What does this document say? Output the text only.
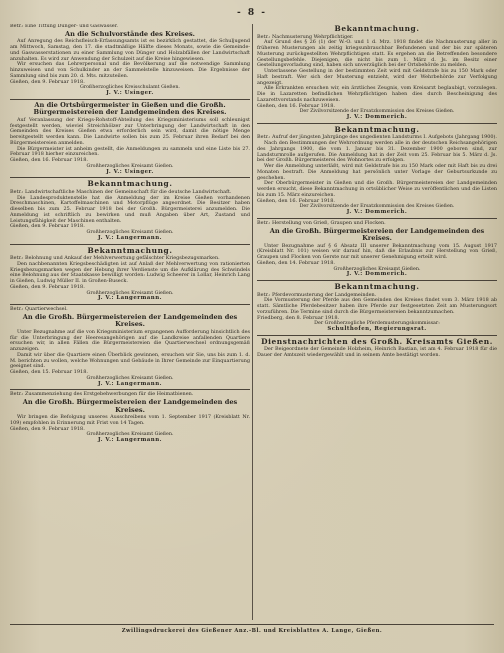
- 8 -

Betr.: Eine Tittung Dünger- und Gaswasser.

An die Schulvorstände des Kreises.

Auf Anregung des Reichsfleisch-Erfassungsamts ist es bezirklich gestattet, die Schuljugend am Mittwoch, Samstag, den 17. die stadtmäßige Hälfte dieses Monats, sowie die Gemeinde- und Gaswasserstationen zu einer Sammlung von Dünger und Holzabfällen der Landwirtschaft anzuhalten. Es wird zur Anwendung der Schulzeit auf die Kreise hingewiesen.

Wir ersuchen das Lehrerpersonal und die Bevölkerung auf die notwendige Sammlung hinzuweisen und von Schulkinder an der Sammelstelle hinzuweisen. Die Ergebnisse der Sammlung sind bis zum 20. d. Mts. mitzuteilen.

Gießen, den 9. Februar 1918.

Großherzogliches Kreisschulamt Gießen.
J. V.: Usinger.
An die Ortsbürgermeister in Gießen und die Großh. Bürgermeistereien der Landgemeinden des Kreises.

Auf Veranlassung der Kriegs-Rohstoff-Abteilung des Kriegsministeriums soll schleunigst festgestellt werden, wieviel Streichhölzer zur Unterbringung der Landwirtschaft in den Gemeinden des Kreises Gießen etwa erforderlich sein wird, damit die nötige Menge bereitgestellt werden kann. Die Landwirte sollen bis zum 25. Februar ihren Bedarf bei den Bürgermeistereien anmelden.

Die Bürgermeister ist anheim gestellt, die Anmeldungen zu sammeln und eine Liste bis 27. Februar 1918 hierher einzureichen.

Gießen, den 16. Februar 1918.

Großherzogliches Kreisamt Gießen.
J. V.: Usinger.
Bekanntmachung.

Betr.: Landwirtschaftliche Maschinen der Gemeinschaft für die deutsche Landwirtschaft.

Die Landesproduktenstelle hat die Anmeldung der im Kreise Gießen vorhandenen Dreschmaschinen, Kartoffelmaschinen und Motorpflüge angeordnet. Die Besitzer haben dieselben bis zum 25. Februar 1918 bei der Großh. Bürgermeisterei anzumelden. Die Anmeldung ist schriftlich zu bewirken und muß Angaben über Art, Zustand und Leistungsfähigkeit der Maschinen enthalten.

Gießen, den 9. Februar 1918.

Großherzogliches Kreisamt Gießen.
J. V.: Langermann.
Bekanntmachung.

Betr.: Belohnung und Ankauf der Mehlverwertung gefälschter Kriegsbezugsmarken.

Den nachbenannten Kriegsbeschädigten ist auf Anlaß der Mehlverwertung von rationierten Kriegsbezugsmarken wegen der Hebung ihrer Verdienste um die Aufklärung des Schwindels eine Belohnung aus der Staatskasse bewilligt worden: Ludwig Scheerer in Lollar, Heinrich Lang in Gießen, Ludwig Müller II. in Großen-Buseck.

Gießen, den 9. Februar 1918.

Großherzogliches Kreisamt Gießen.
J. V.: Langermann.

Betr.: Quartierwechsel.

An die Großh. Bürgermeistereien der Landgemeinden des Kreises.

Unter Bezugnahme auf die von Kriegsministerium ergangenen Aufforderung hinsichtlich des für die Unterbringung der Heeresangehörigen auf die Landkreise anfallenden Quartiere ersuchen wir, in allen Fällen die Bürgermeistereien die Quartierwechsel ordnungsgemäß anzuzeigen.

Damit wir über die Quartiere einen Überblick gewinnen, ersuchen wir Sie, uns bis zum 1. d. M. berichten zu wollen, welche Wohnungen und Gebäude in Ihrer Gemeinde zur Einquartierung geeignet sind.

Gießen, den 15. Februar 1918.

Großherzogliches Kreisamt Gießen.
J. V.: Langermann.

Betr.: Zusammenziehung des Erstgebehwerbungen für die Heimatbienen.

An die Großh. Bürgermeistereien der Landgemeinden des Kreises.

Wir bringen die Befolgung unseres Ausschreibens vom 1. September 1917 (Kreisblatt Nr. 109) empfohlen in Erinnerung mit Frist von 14 Tagen.

Gießen, den 9. Februar 1918.

Großherzogliches Kreisamt Gießen.
J. V.: Langermann.
Bekanntmachung.

Betr.: Nachmusterung Wehrpflichtiger.

Auf Grund des § 26 (1) der W.-O. und 1 d. Mrz. 1918 findet die Nachmusterung aller in früheren Musterungen als zeitig kriegsunbrauchbar Befundenen und der bis zur späteren Musterung zurückgestellten Wehrpflichtigen statt. Es ergehen an die Betreffenden besondere Gestellungsbefehle. Diejenigen, die nicht bis zum 1. März d. Js. im Besitz einer Gestellungsvorladung sind, haben sich unverzüglich bei der Ortsbehörde zu melden.

Unterlassene Gestellung in der bestimmten Zeit wird mit Geldstrafe bis zu 150 Mark oder Haft bestraft. Wer sich der Musterung entzieht, wird der Wehrbehörde zur Verfolgung angezeigt.

Alle Erkrankten ersuchen wir, ein ärztliches Zeugnis, vom Kreisarzt beglaubigt, vorzulegen. Die in Lazaretten befindlichen Wehrpflichtigen haben dies durch Bescheinigung des Lazarettvorstands nachzuweisen.

Gießen, den 16. Februar 1918.

Der Zivilvorsitzende der Ersatzkommission des Kreises Gießen.
J. V.: Dommerich.
Bekanntmachung.

Betr.: Aufruf der jüngsten Jahrgänge des ungedienten Landsturms I. Aufgebots (Jahrgang 1900).

Nach den Bestimmungen der Wehrordnung werden alle in der deutschen Reichsangehörigen des Jahrgangs 1900, die vom 1. Januar bis 31. Dezember 1900 geboren sind, zur Landsturmrolle aufgerufen. Die Anmeldung hat in der Zeit vom 25. Februar bis 5. März d. Js. bei der Großh. Bürgermeisterei des Wohnortes zu erfolgen.

Wer die Anmeldung unterläßt, wird mit Geldstrafe bis zu 150 Mark oder mit Haft bis zu drei Monaten bestraft. Die Anmeldung hat persönlich unter Vorlage der Geburtsurkunde zu geschehen.

Der Oberbürgermeister in Gießen und die Großh. Bürgermeistereien der Landgemeinden werden ersucht, diese Bekanntmachung in ortsüblicher Weise zu veröffentlichen und die Listen bis zum 15. März einzureichen.

Gießen, den 16. Februar 1918.

Der Zivilvorsitzende der Ersatzkommission des Kreises Gießen.
J. V.: Dommerich.

Betr.: Herstellung von Grieß, Graupen und Flocken.

An die Großh. Bürgermeistereien der Landgemeinden des Kreises.

Unter Bezugnahme auf § 6 Absatz III unserer Bekanntmachung vom 15. August 1917 (Kreisblatt Nr. 101) weisen wir darauf hin, daß die Erlaubnis zur Herstellung von Grieß, Graupen und Flocken von Gerste nur mit unserer Genehmigung erteilt wird.

Gießen, den 14. Februar 1918.

Großherzogliches Kreisamt Gießen.
J. V.: Dommerich.
Bekanntmachung.

Betr.: Pferdevormusterung der Landgemeinden.

Die Vormusterung der Pferde aus den Gemeinden des Kreises findet vom 3. März 1918 ab statt. Sämtliche Pferdebesitzer haben ihre Pferde zur festgesetzten Zeit am Musterungsort vorzuführen. Die Termine sind durch die Bürgermeistereien bekanntzumachen.

Friedberg, den 8. Februar 1918.

Der Großherzogliche Pferdemusterungskommissar:
Schulthofen, Regierungsrat.
Dienstnachrichten des Großh. Kreisamts Gießen.

Der Beigeordnete der Gemeinde Holzheim, Heinrich Bastian, ist am 4. Februar 1918 für die Dauer der Amtszeit wiedergewählt und in seinem Amte bestätigt worden.

Zwillingsdruckerei des Gießener Anz.-Bl. und Kreisblattes A. Lange, Gießen.
